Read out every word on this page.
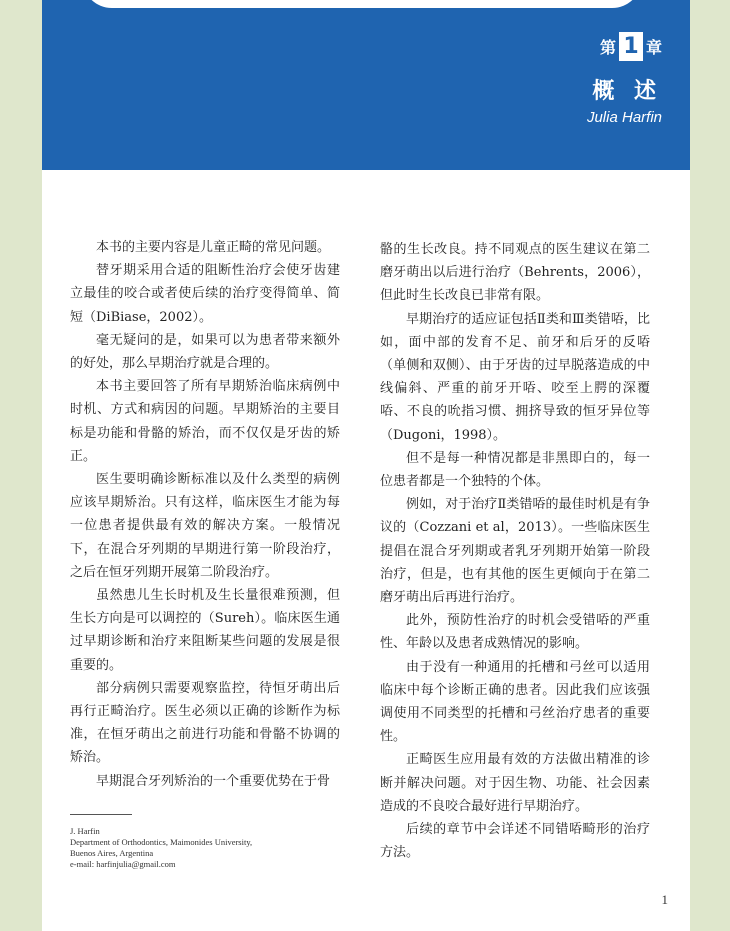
第 1 章
概 述
Julia Harfin

本书的主要内容是儿童正畸的常见问题。

替牙期采用合适的阻断性治疗会使牙齿建立最佳的咬合或者使后续的治疗变得简单、简短（DiBiase，2002）。

毫无疑问的是，如果可以为患者带来额外的好处，那么早期治疗就是合理的。

本书主要回答了所有早期矫治临床病例中时机、方式和病因的问题。早期矫治的主要目标是功能和骨骼的矫治，而不仅仅是牙齿的矫正。

医生要明确诊断标准以及什么类型的病例应该早期矫治。只有这样，临床医生才能为每一位患者提供最有效的解决方案。一般情况下，在混合牙列期的早期进行第一阶段治疗，之后在恒牙列期开展第二阶段治疗。

虽然患儿生长时机及生长量很难预测，但生长方向是可以调控的（Sureh）。临床医生通过早期诊断和治疗来阻断某些问题的发展是很重要的。

部分病例只需要观察监控，待恒牙萌出后再行正畸治疗。医生必须以正确的诊断作为标准，在恒牙萌出之前进行功能和骨骼不协调的矫治。

早期混合牙列矫治的一个重要优势在于骨

骼的生长改良。持不同观点的医生建议在第二磨牙萌出以后进行治疗（Behrents，2006），但此时生长改良已非常有限。

早期治疗的适应证包括Ⅱ类和Ⅲ类错㖔，比如，面中部的发育不足、前牙和后牙的反㖔（单侧和双侧）、由于牙齿的过早脱落造成的中线偏斜、严重的前牙开㖔、咬至上腭的深覆㖔、不良的吮指习惯、拥挤导致的恒牙异位等（Dugoni，1998）。

但不是每一种情况都是非黑即白的，每一位患者都是一个独特的个体。

例如，对于治疗Ⅱ类错㖔的最佳时机是有争议的（Cozzani et al，2013）。一些临床医生提倡在混合牙列期或者乳牙列期开始第一阶段治疗，但是，也有其他的医生更倾向于在第二磨牙萌出后再进行治疗。

此外，预防性治疗的时机会受错㖔的严重性、年龄以及患者成熟情况的影响。

由于没有一种通用的托槽和弓丝可以适用临床中每个诊断正确的患者。因此我们应该强调使用不同类型的托槽和弓丝治疗患者的重要性。

正畸医生应用最有效的方法做出精准的诊断并解决问题。对于因生物、功能、社会因素造成的不良咬合最好进行早期治疗。

后续的章节中会详述不同错㖔畸形的治疗方法。

J. Harfin
Department of Orthodontics, Maimonides University,
Buenos Aires, Argentina
e-mail: harfinjulia@gmail.com
1
